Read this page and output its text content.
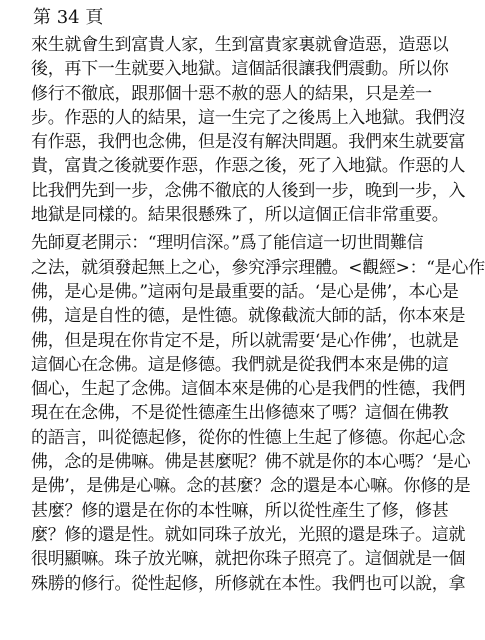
第 34 頁
來生就會生到富貴人家，生到富貴家裏就會造惡，造惡以
後，再下一生就要入地獄。這個話很讓我們震動。所以你
修行不徹底，跟那個十惡不赦的惡人的結果，只是差一
步。作惡的人的結果，這一生完了之後馬上入地獄。我們沒
有作惡，我們也念佛，但是沒有解決問題。我們來生就要富
貴，富貴之後就要作惡，作惡之後，死了入地獄。作惡的人
比我們先到一步，念佛不徹底的人後到一步，晚到一步，入
地獄是同樣的。結果很懸殊了，所以這個正信非常重要。
先師夏老開示：“理明信深。”爲了能信這一切世間難信
之法，就須發起無上之心，參究淨宗理體。<觀經>：“是心作
佛，是心是佛。”這兩句是最重要的話。‘是心是佛’，本心是
佛，這是自性的德，是性德。就像截流大師的話，你本來是
佛，但是現在你肯定不是，所以就需要‘是心作佛’，也就是
這個心在念佛。這是修德。我們就是從我們本來是佛的這
個心，生起了念佛。這個本來是佛的心是我們的性德，我們
現在在念佛，不是從性德產生出修德來了嗎？這個在佛教
的語言，叫從德起修，從你的性德上生起了修德。你起心念
佛，念的是佛嘛。佛是甚麼呢？佛不就是你的本心嗎？‘是心
是佛’，是佛是心嘛。念的甚麼？念的還是本心嘛。你修的是
甚麼？修的還是在你的本性嘛，所以從性產生了修，修甚
麼？修的還是性。就如同珠子放光，光照的還是珠子。這就
很明顯嘛。珠子放光嘛，就把你珠子照亮了。這個就是一個
殊勝的修行。從性起修，所修就在本性。我們也可以說，拿
